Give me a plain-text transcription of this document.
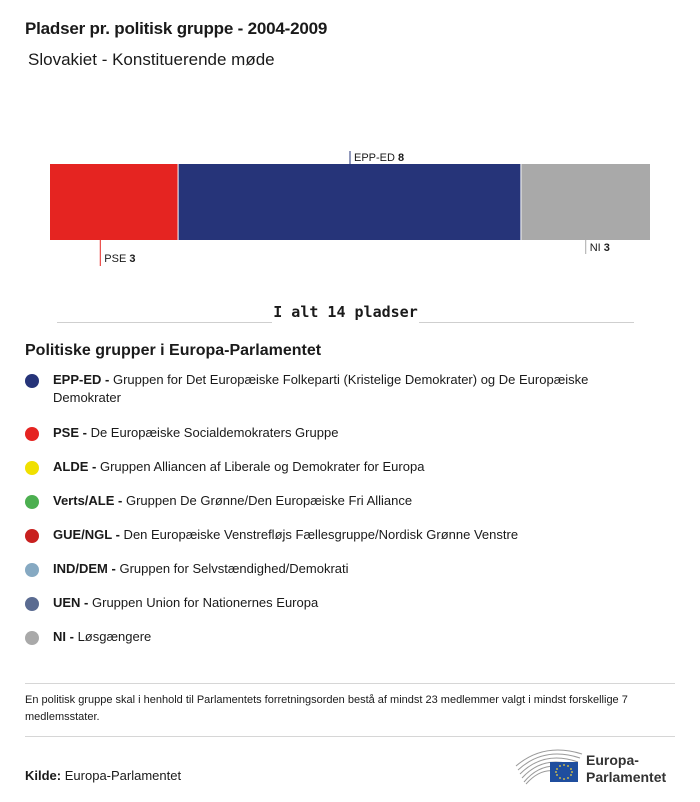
Pladser pr. politisk gruppe - 2004-2009
Slovakiet - Konstituerende møde
PSE 3
EPP-ED 8
NI 3
I alt 14 pladser
Politiske grupper i Europa-Parlamentet
EPP-ED - Gruppen for Det Europæiske Folkeparti (Kristelige Demokrater) og De Europæiske Demokrater
PSE - De Europæiske Socialdemokraters Gruppe
ALDE - Gruppen Alliancen af Liberale og Demokrater for Europa
Verts/ALE - Gruppen De Grønne/Den Europæiske Fri Alliance
GUE/NGL - Den Europæiske Venstrefløjs Fællesgruppe/Nordisk Grønne Venstre
IND/DEM - Gruppen for Selvstændighed/Demokrati
UEN - Gruppen Union for Nationernes Europa
NI - Løsgængere
En politisk gruppe skal i henhold til Parlamentets forretningsorden bestå af mindst 23 medlemmer valgt i mindst forskellige 7 medlemsstater.
Kilde: Europa-Parlamentet
Europa-
Parlamentet
